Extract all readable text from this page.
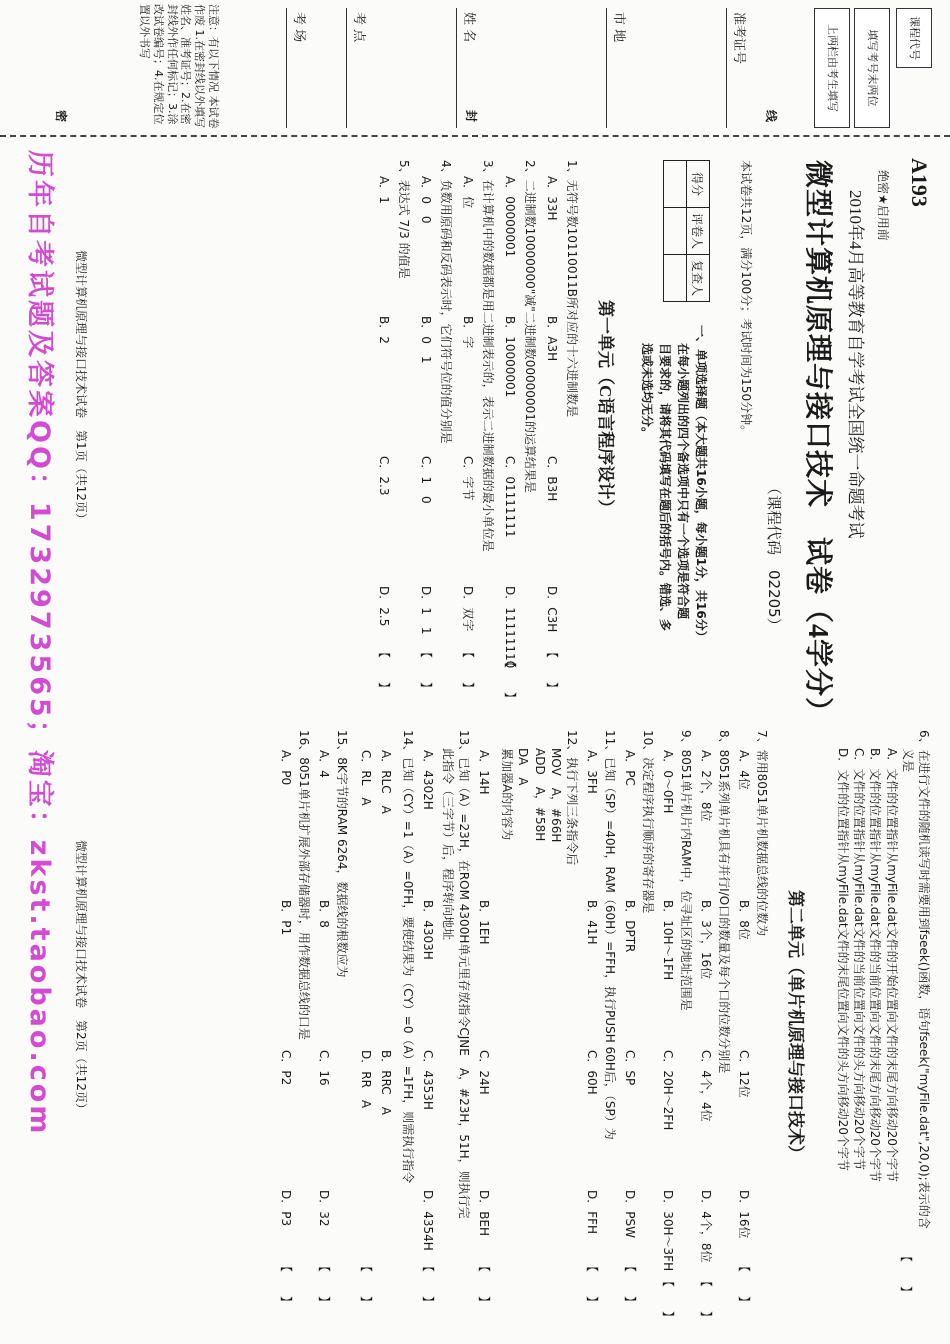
课程代号
填写考号末两位
上两栏由考生填写
准考证号
市 地
姓 名
考 点
考 场
密	封	线
注意：有以下情况 本试卷作废 1.在密封线以外填写姓名、准考证号；2.在密封线外作任何标记；3.涂改试卷编号；4.在规定位置以外书写
A193
绝密★启用前
2010年4月高等教育自学考试全国统一命题考试
微型计算机原理与接口技术　试卷（4学分）
（课程代码　02205）
本试卷共12页，满分100分；考试时间为150分钟。
得分	评卷人	复查人

一、单项选择题（本大题共16小题，每小题1分，共16分）
在每小题列出的四个备选项中只有一个选项是符合题
目要求的，请将其代码填写在题后的括号内。错选、多
选或未选均无分。
第一单元（C语言程序设计）
1、无符号数10110011B所对应的十六进制数是
A．33H
B．A3H
C．B3H
D．C3H
【　　】
2、二进制数10000000"减"二进制数00000001的运算结果是
A．00000001
B．10000001
C．01111111
D．11111110
【　　】
3、在计算机中的数据都是用二进制表示的，表示二进制数据的最小单位是
A．位
B．字
C．字节
D．双字
【　　】
4、负数用原码和反码表示时，它们符号位的值分别是
A．0　0
B．0　1
C．1　0
D．1　1
【　　】
5、表达式 7/3 的值是
A．1
B．2
C．2.3
D．2.5
【　　】
微型计算机原理与接口技术试卷　第1页（共12页）
历年自考试题及答案QQ：1732973565；淘宝：zkst.taobao.com	6、在进行文件的随机读写时需要用到fseek()函数，语句fseek("myFile.dat",20,0);表示的含
义是
A．文件的位置指针从myFile.dat文件的开始位置向文件的末尾方向移动20个字节
B．文件的位置指针从myFile.dat文件的当前位置向文件的末尾方向移动20个字节
C．文件的位置指针从myFile.dat文件的当前位置向文件的头方向移动20个字节
D．文件的位置指针从myFile.dat文件的末尾位置向文件的头方向移动20个字节
【　　】
第二单元（单片机原理与接口技术）
7、常用8051单片机数据总线的位数为
A．4位
B．8位
C．12位
D．16位
【　　】
8、8051系列单片机具有并行I/O口的数量及每个口的位数分别是
A．2个，8位
B．3个，16位
C．4个，4位
D．4个，8位
【　　】
9、8051单片机片内RAM中，位寻址区的地址范围是
A．0～0FH
B．10H～1FH
C．20H～2FH
D．30H～3FH
【　　】
10、决定程序执行顺序的寄存器是
A．PC
B．DPTR
C．SP
D．PSW
【　　】
11、已知（SP）=40H，RAM（60H）=FFH，执行PUSH 60H后，（SP）为
A．3FH
B．41H
C．60H
D．FFH
【　　】
12、执行下列三条指令后
MOV　A，#66H
ADD　A，#58H
DA　A
累加器A的内容为
A．14H
B．1EH
C．24H
D．BEH
【　　】
13、已知（A）=23H，在ROM 4300H单元里存放指令CJNE　A，#23H，51H，则执行完
此指令（三字节）后，程序转向地址
A．4302H
B．4303H
C．4353H
D．4354H
【　　】
14、已知（CY）=1（A）=0FH，要使结果为（CY）=0（A）=1FH，则需执行指令
A．RLC　A
B．RRC　A
C．RL　A
D．RR　A
【　　】
15、8K字节的RAM 6264，数据线的根数应为
A．4
B．8
C．16
D．32
【　　】
16、8051单片机扩展外部存储器时，用作数据总线的口是
A．P0
B．P1
C．P2
D．P3
【　　】
微型计算机原理与接口技术试卷　第2页（共12页）
